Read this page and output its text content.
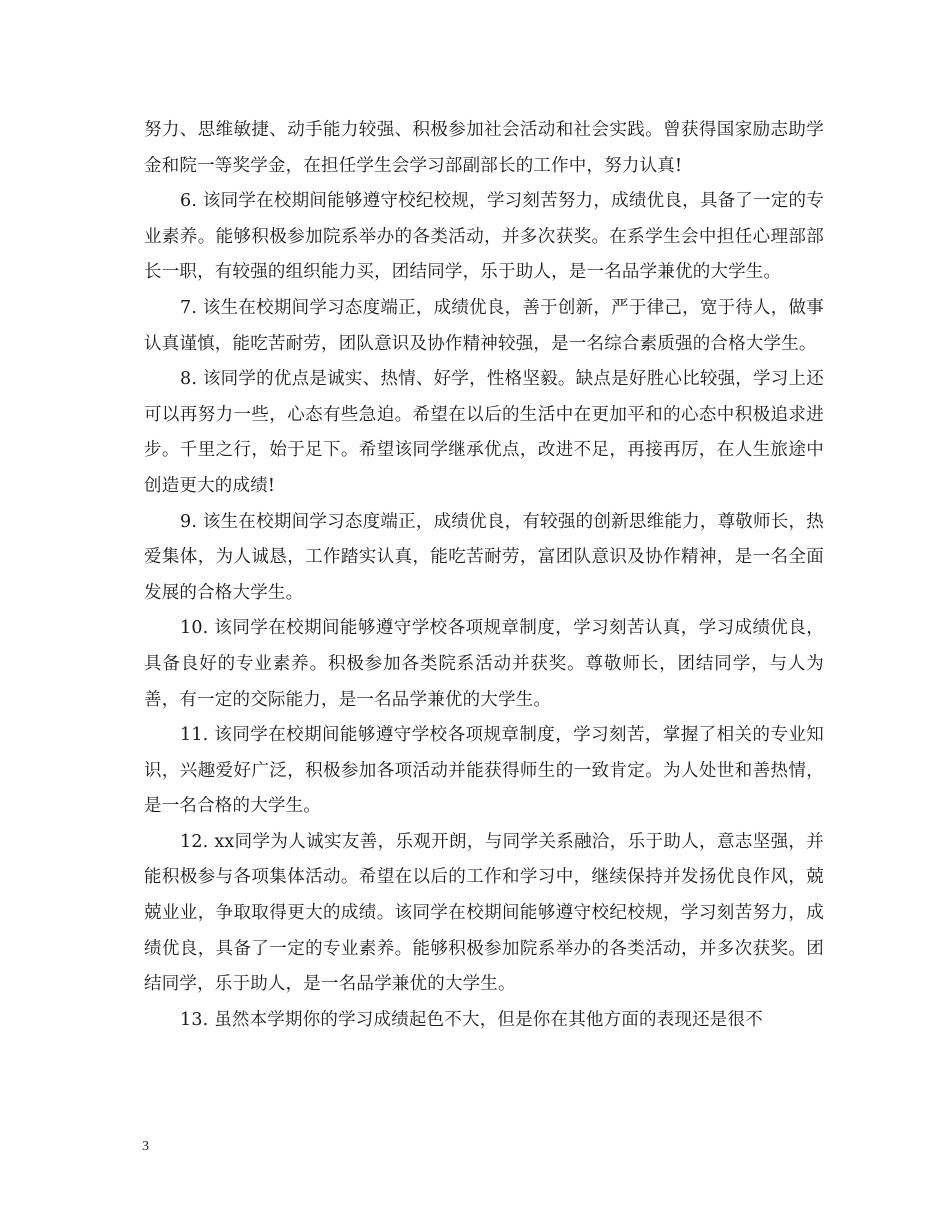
努力、思维敏捷、动手能力较强、积极参加社会活动和社会实践。曾获得国家励志助学金和院一等奖学金，在担任学生会学习部副部长的工作中，努力认真!

6. 该同学在校期间能够遵守校纪校规，学习刻苦努力，成绩优良，具备了一定的专业素养。能够积极参加院系举办的各类活动，并多次获奖。在系学生会中担任心理部部长一职，有较强的组织能力买，团结同学，乐于助人，是一名品学兼优的大学生。

7. 该生在校期间学习态度端正，成绩优良，善于创新，严于律己，宽于待人，做事认真谨慎，能吃苦耐劳，团队意识及协作精神较强，是一名综合素质强的合格大学生。

8. 该同学的优点是诚实、热情、好学，性格坚毅。缺点是好胜心比较强，学习上还可以再努力一些，心态有些急迫。希望在以后的生活中在更加平和的心态中积极追求进步。千里之行，始于足下。希望该同学继承优点，改进不足，再接再厉，在人生旅途中创造更大的成绩!

9. 该生在校期间学习态度端正，成绩优良，有较强的创新思维能力，尊敬师长，热爱集体，为人诚恳，工作踏实认真，能吃苦耐劳，富团队意识及协作精神，是一名全面发展的合格大学生。

10. 该同学在校期间能够遵守学校各项规章制度，学习刻苦认真，学习成绩优良，具备良好的专业素养。积极参加各类院系活动并获奖。尊敬师长，团结同学，与人为善，有一定的交际能力，是一名品学兼优的大学生。

11. 该同学在校期间能够遵守学校各项规章制度，学习刻苦，掌握了相关的专业知识，兴趣爱好广泛，积极参加各项活动并能获得师生的一致肯定。为人处世和善热情，是一名合格的大学生。

12. xx同学为人诚实友善，乐观开朗，与同学关系融洽，乐于助人，意志坚强，并能积极参与各项集体活动。希望在以后的工作和学习中，继续保持并发扬优良作风，兢兢业业，争取取得更大的成绩。该同学在校期间能够遵守校纪校规，学习刻苦努力，成绩优良，具备了一定的专业素养。能够积极参加院系举办的各类活动，并多次获奖。团结同学，乐于助人，是一名品学兼优的大学生。

13. 虽然本学期你的学习成绩起色不大，但是你在其他方面的表现还是很不

3
